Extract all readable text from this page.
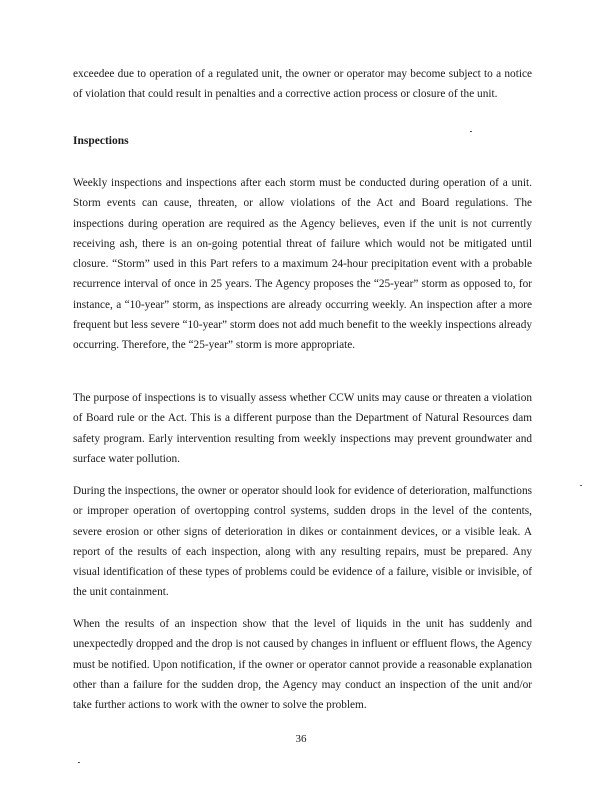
exceedee due to operation of a regulated unit, the owner or operator may become subject to a notice of violation that could result in penalties and a corrective action process or closure of the unit.

Inspections

Weekly inspections and inspections after each storm must be conducted during operation of a unit. Storm events can cause, threaten, or allow violations of the Act and Board regulations. The inspections during operation are required as the Agency believes, even if the unit is not currently receiving ash, there is an on-going potential threat of failure which would not be mitigated until closure. “Storm” used in this Part refers to a maximum 24-hour precipitation event with a probable recurrence interval of once in 25 years. The Agency proposes the “25-year” storm as opposed to, for instance, a “10-year” storm, as inspections are already occurring weekly. An inspection after a more frequent but less severe “10-year” storm does not add much benefit to the weekly inspections already occurring. Therefore, the “25-year” storm is more appropriate.

The purpose of inspections is to visually assess whether CCW units may cause or threaten a violation of Board rule or the Act. This is a different purpose than the Department of Natural Resources dam safety program. Early intervention resulting from weekly inspections may prevent groundwater and surface water pollution.

During the inspections, the owner or operator should look for evidence of deterioration, malfunctions or improper operation of overtopping control systems, sudden drops in the level of the contents, severe erosion or other signs of deterioration in dikes or containment devices, or a visible leak. A report of the results of each inspection, along with any resulting repairs, must be prepared. Any visual identification of these types of problems could be evidence of a failure, visible or invisible, of the unit containment.

When the results of an inspection show that the level of liquids in the unit has suddenly and unexpectedly dropped and the drop is not caused by changes in influent or effluent flows, the Agency must be notified. Upon notification, if the owner or operator cannot provide a reasonable explanation other than a failure for the sudden drop, the Agency may conduct an inspection of the unit and/or take further actions to work with the owner to solve the problem.

36
